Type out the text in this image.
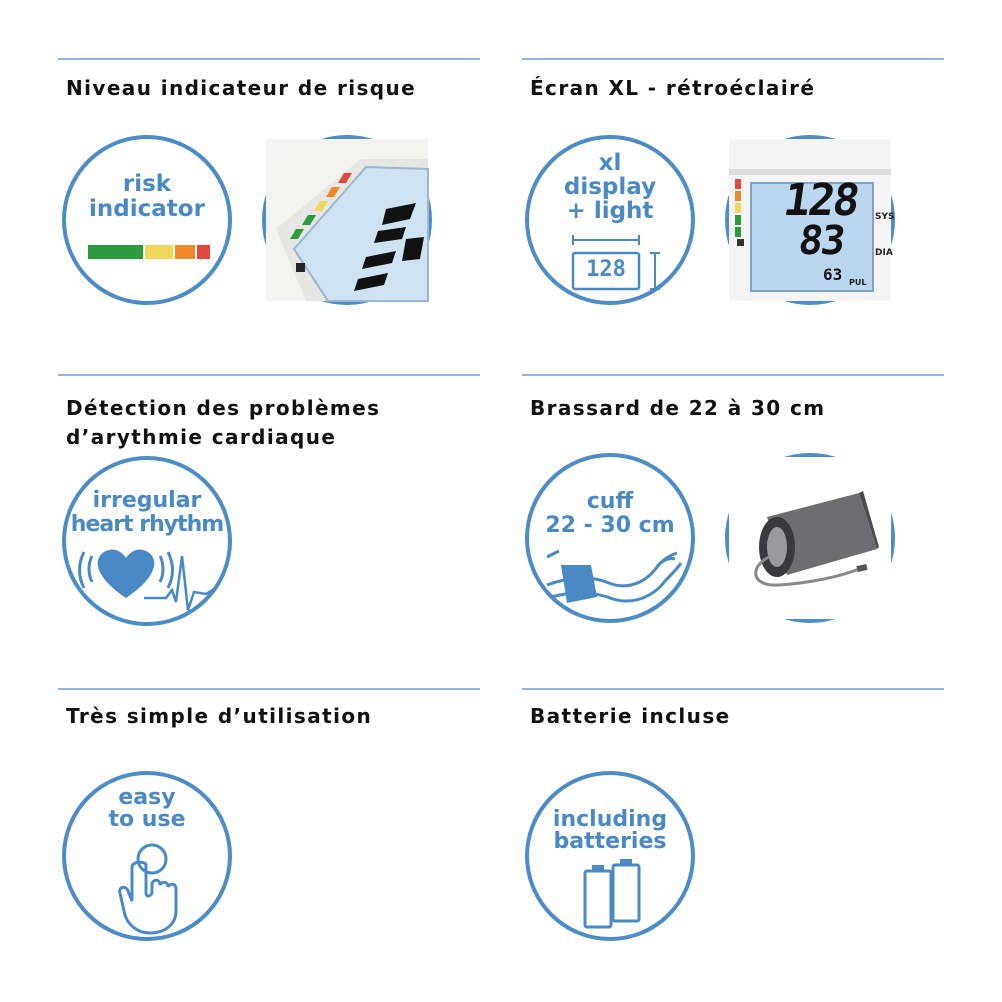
Niveau indicateur de risque
risk
indicator
Écran XL - rétroéclairé
xl
display
+ light
128
SYS
DIA
PUL
128
83
63
Détection des problèmes
d’arythmie cardiaque
irregular
heart rhythm
Brassard de 22 à 30 cm
cuff
22 - 30 cm
Très simple d’utilisation
easy
to use
Batterie incluse
including
batteries
